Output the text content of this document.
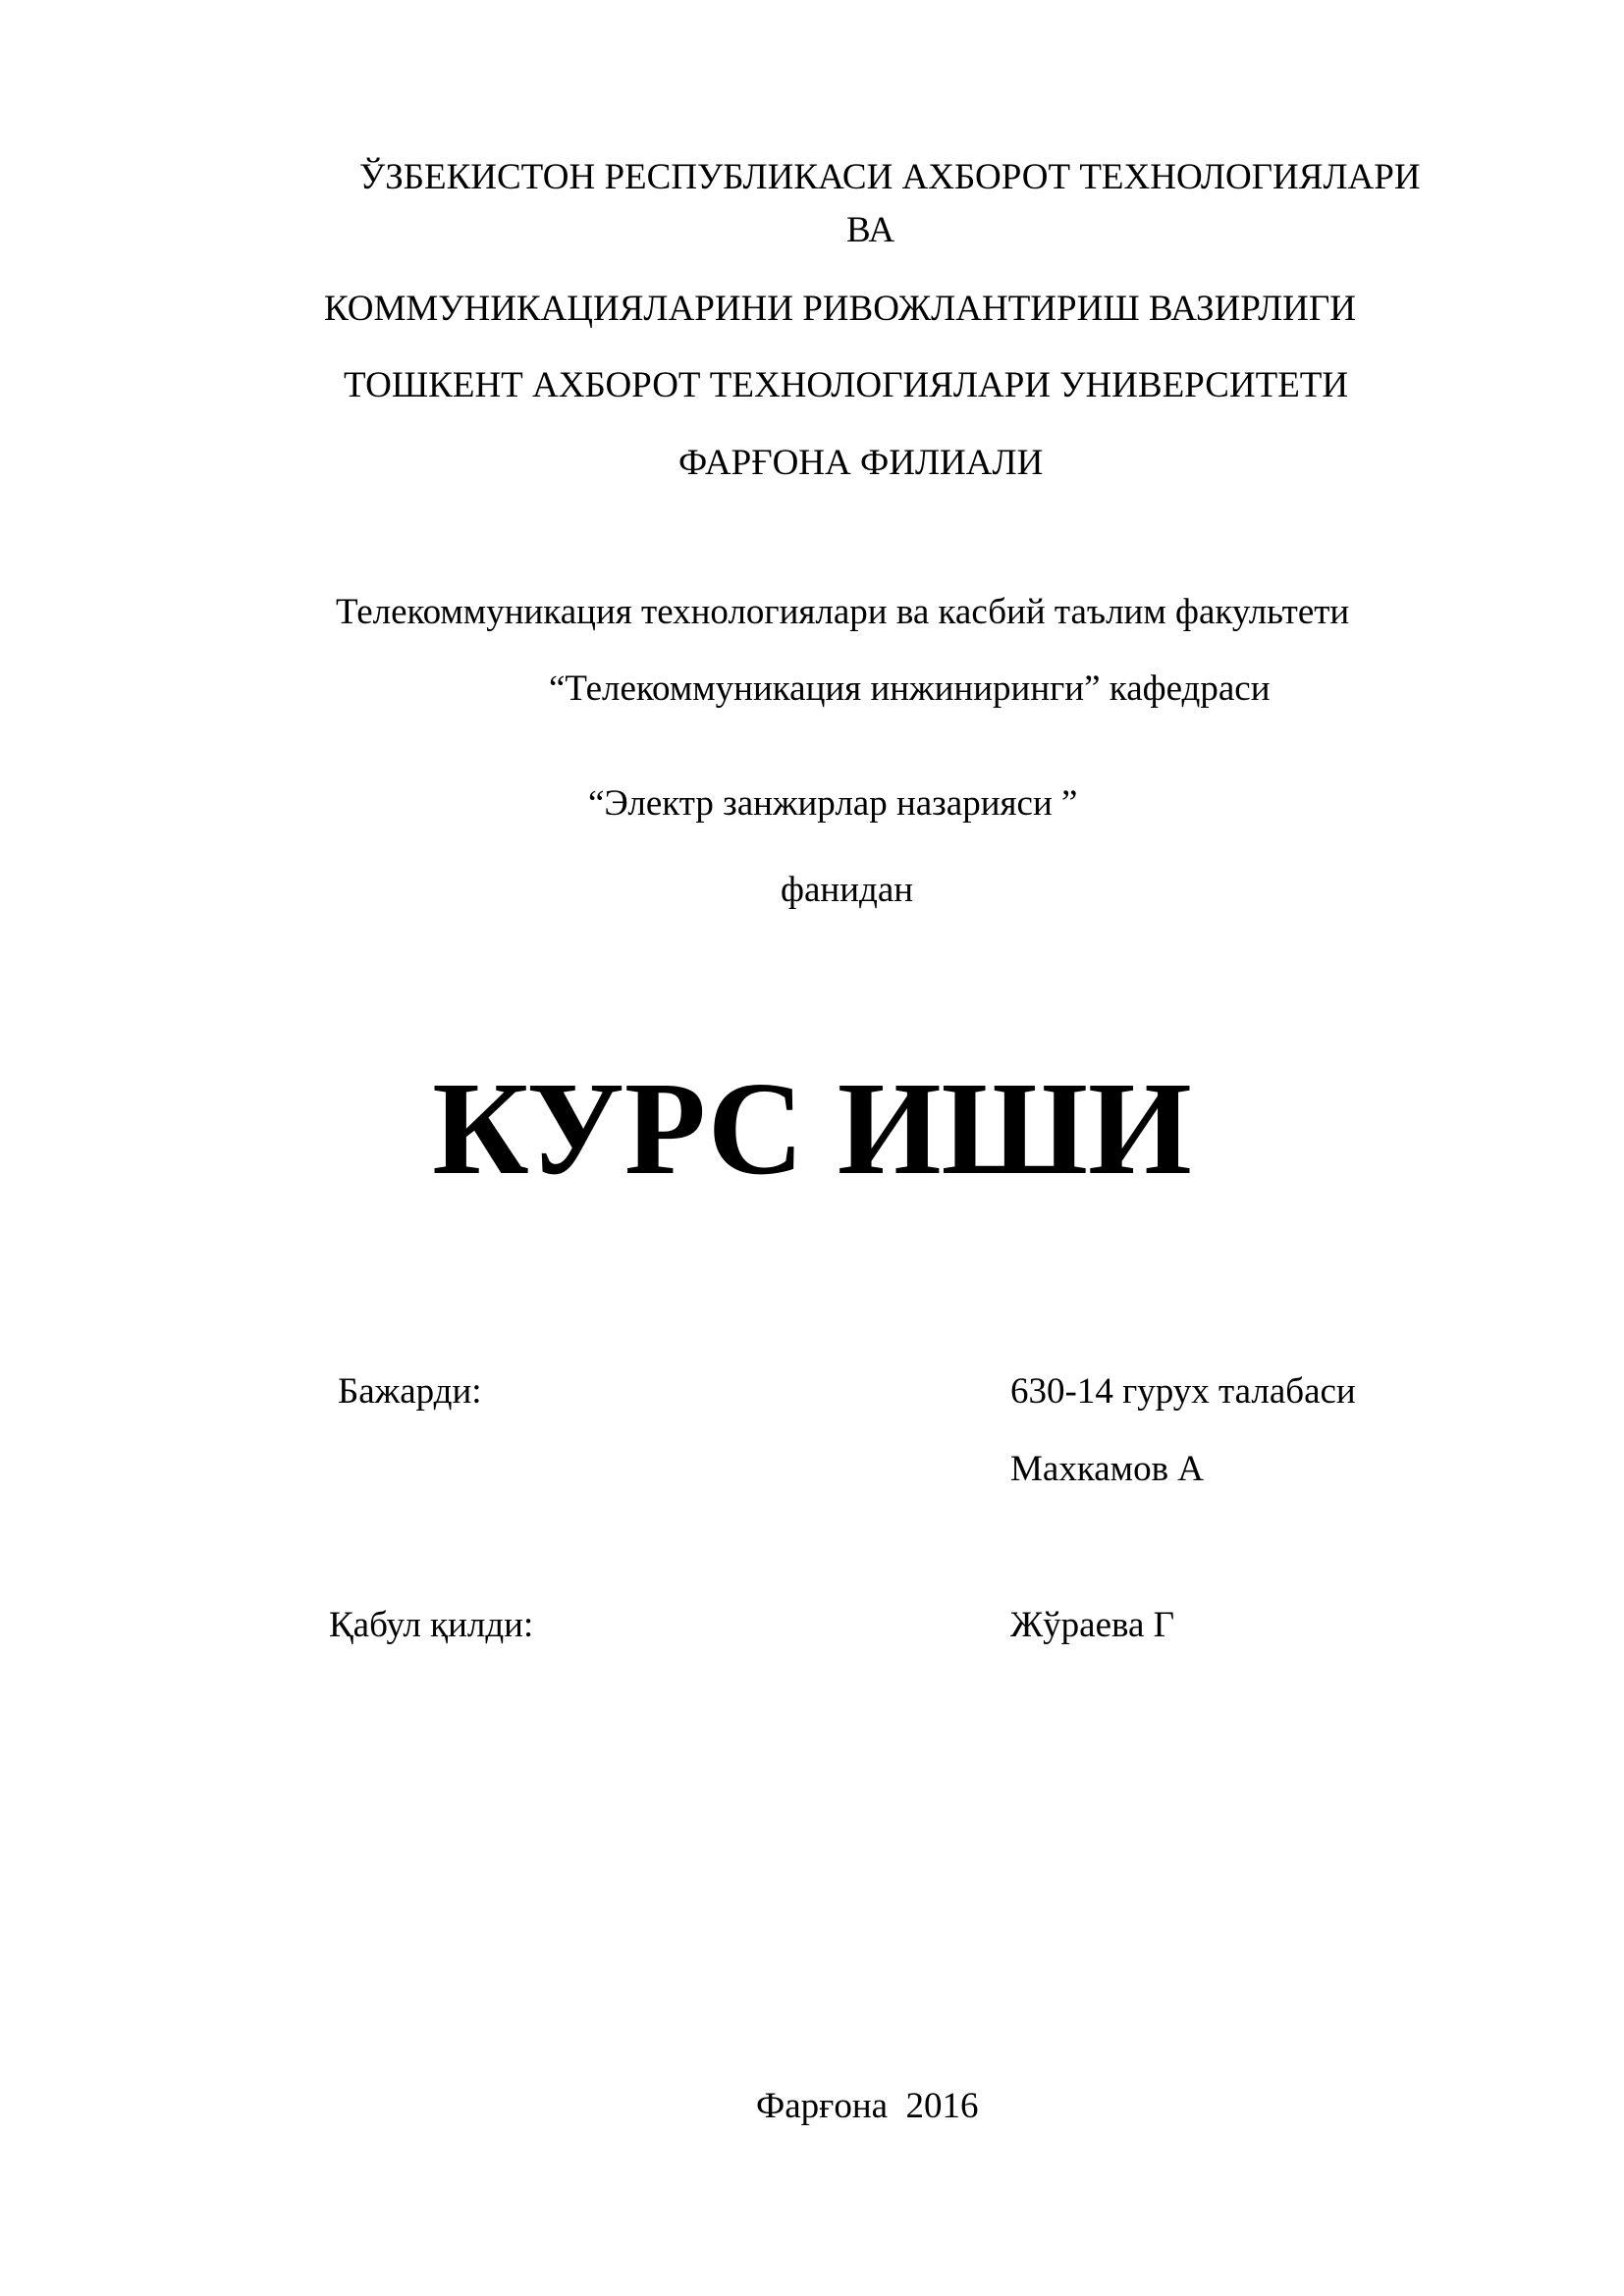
ЎЗБЕКИСТОН РЕСПУБЛИКАСИ АХБОРОТ ТЕХНОЛОГИЯЛАРИ
ВА
КОММУНИКАЦИЯЛАРИНИ РИВОЖЛАНТИРИШ ВАЗИРЛИГИ
ТОШКЕНТ АХБОРОТ ТЕХНОЛОГИЯЛАРИ УНИВЕРСИТЕТИ
ФАРҒОНА ФИЛИАЛИ
Телекоммуникация технологиялари ва касбий таълим факультети
“Телекоммуникация инжиниринги” кафедраси
“Электр занжирлар назарияси ”
фанидан
КУРС ИШИ
Бажарди:	630-14 гурух талабаси
Махкамов А
Қабул қилди:	Жўраева Г
Фарғона  2016
